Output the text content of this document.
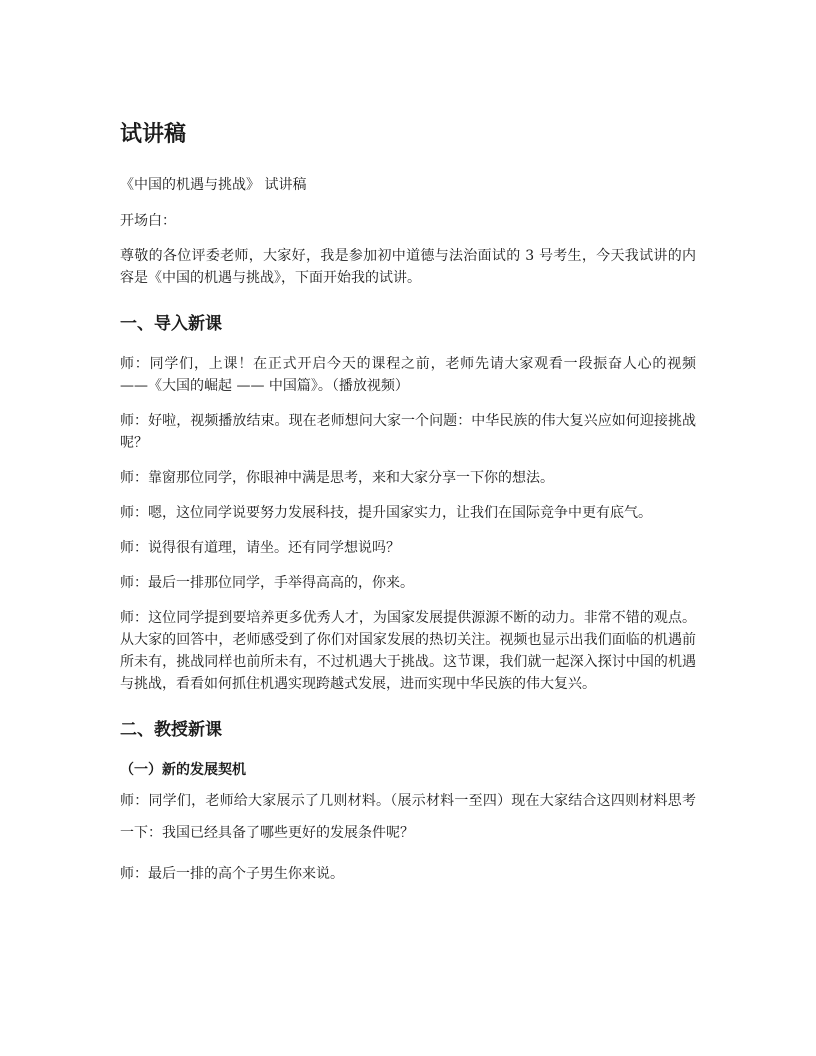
试讲稿

《中国的机遇与挑战》 试讲稿

开场白：

尊敬的各位评委老师，大家好，我是参加初中道德与法治面试的 3 号考生，今天我试讲的内容是《中国的机遇与挑战》，下面开始我的试讲。

一、导入新课

师：同学们，上课！在正式开启今天的课程之前，老师先请大家观看一段振奋人心的视频 ——《大国的崛起 —— 中国篇》。（播放视频）

师：好啦，视频播放结束。现在老师想问大家一个问题：中华民族的伟大复兴应如何迎接挑战呢？

师：靠窗那位同学，你眼神中满是思考，来和大家分享一下你的想法。

师：嗯，这位同学说要努力发展科技，提升国家实力，让我们在国际竞争中更有底气。

师：说得很有道理，请坐。还有同学想说吗？

师：最后一排那位同学，手举得高高的，你来。

师：这位同学提到要培养更多优秀人才，为国家发展提供源源不断的动力。非常不错的观点。从大家的回答中，老师感受到了你们对国家发展的热切关注。视频也显示出我们面临的机遇前所未有，挑战同样也前所未有，不过机遇大于挑战。这节课，我们就一起深入探讨中国的机遇与挑战，看看如何抓住机遇实现跨越式发展，进而实现中华民族的伟大复兴。

二、教授新课
（一）新的发展契机

师：同学们，老师给大家展示了几则材料。（展示材料一至四）现在大家结合这四则材料思考一下：我国已经具备了哪些更好的发展条件呢？

师：最后一排的高个子男生你来说。
